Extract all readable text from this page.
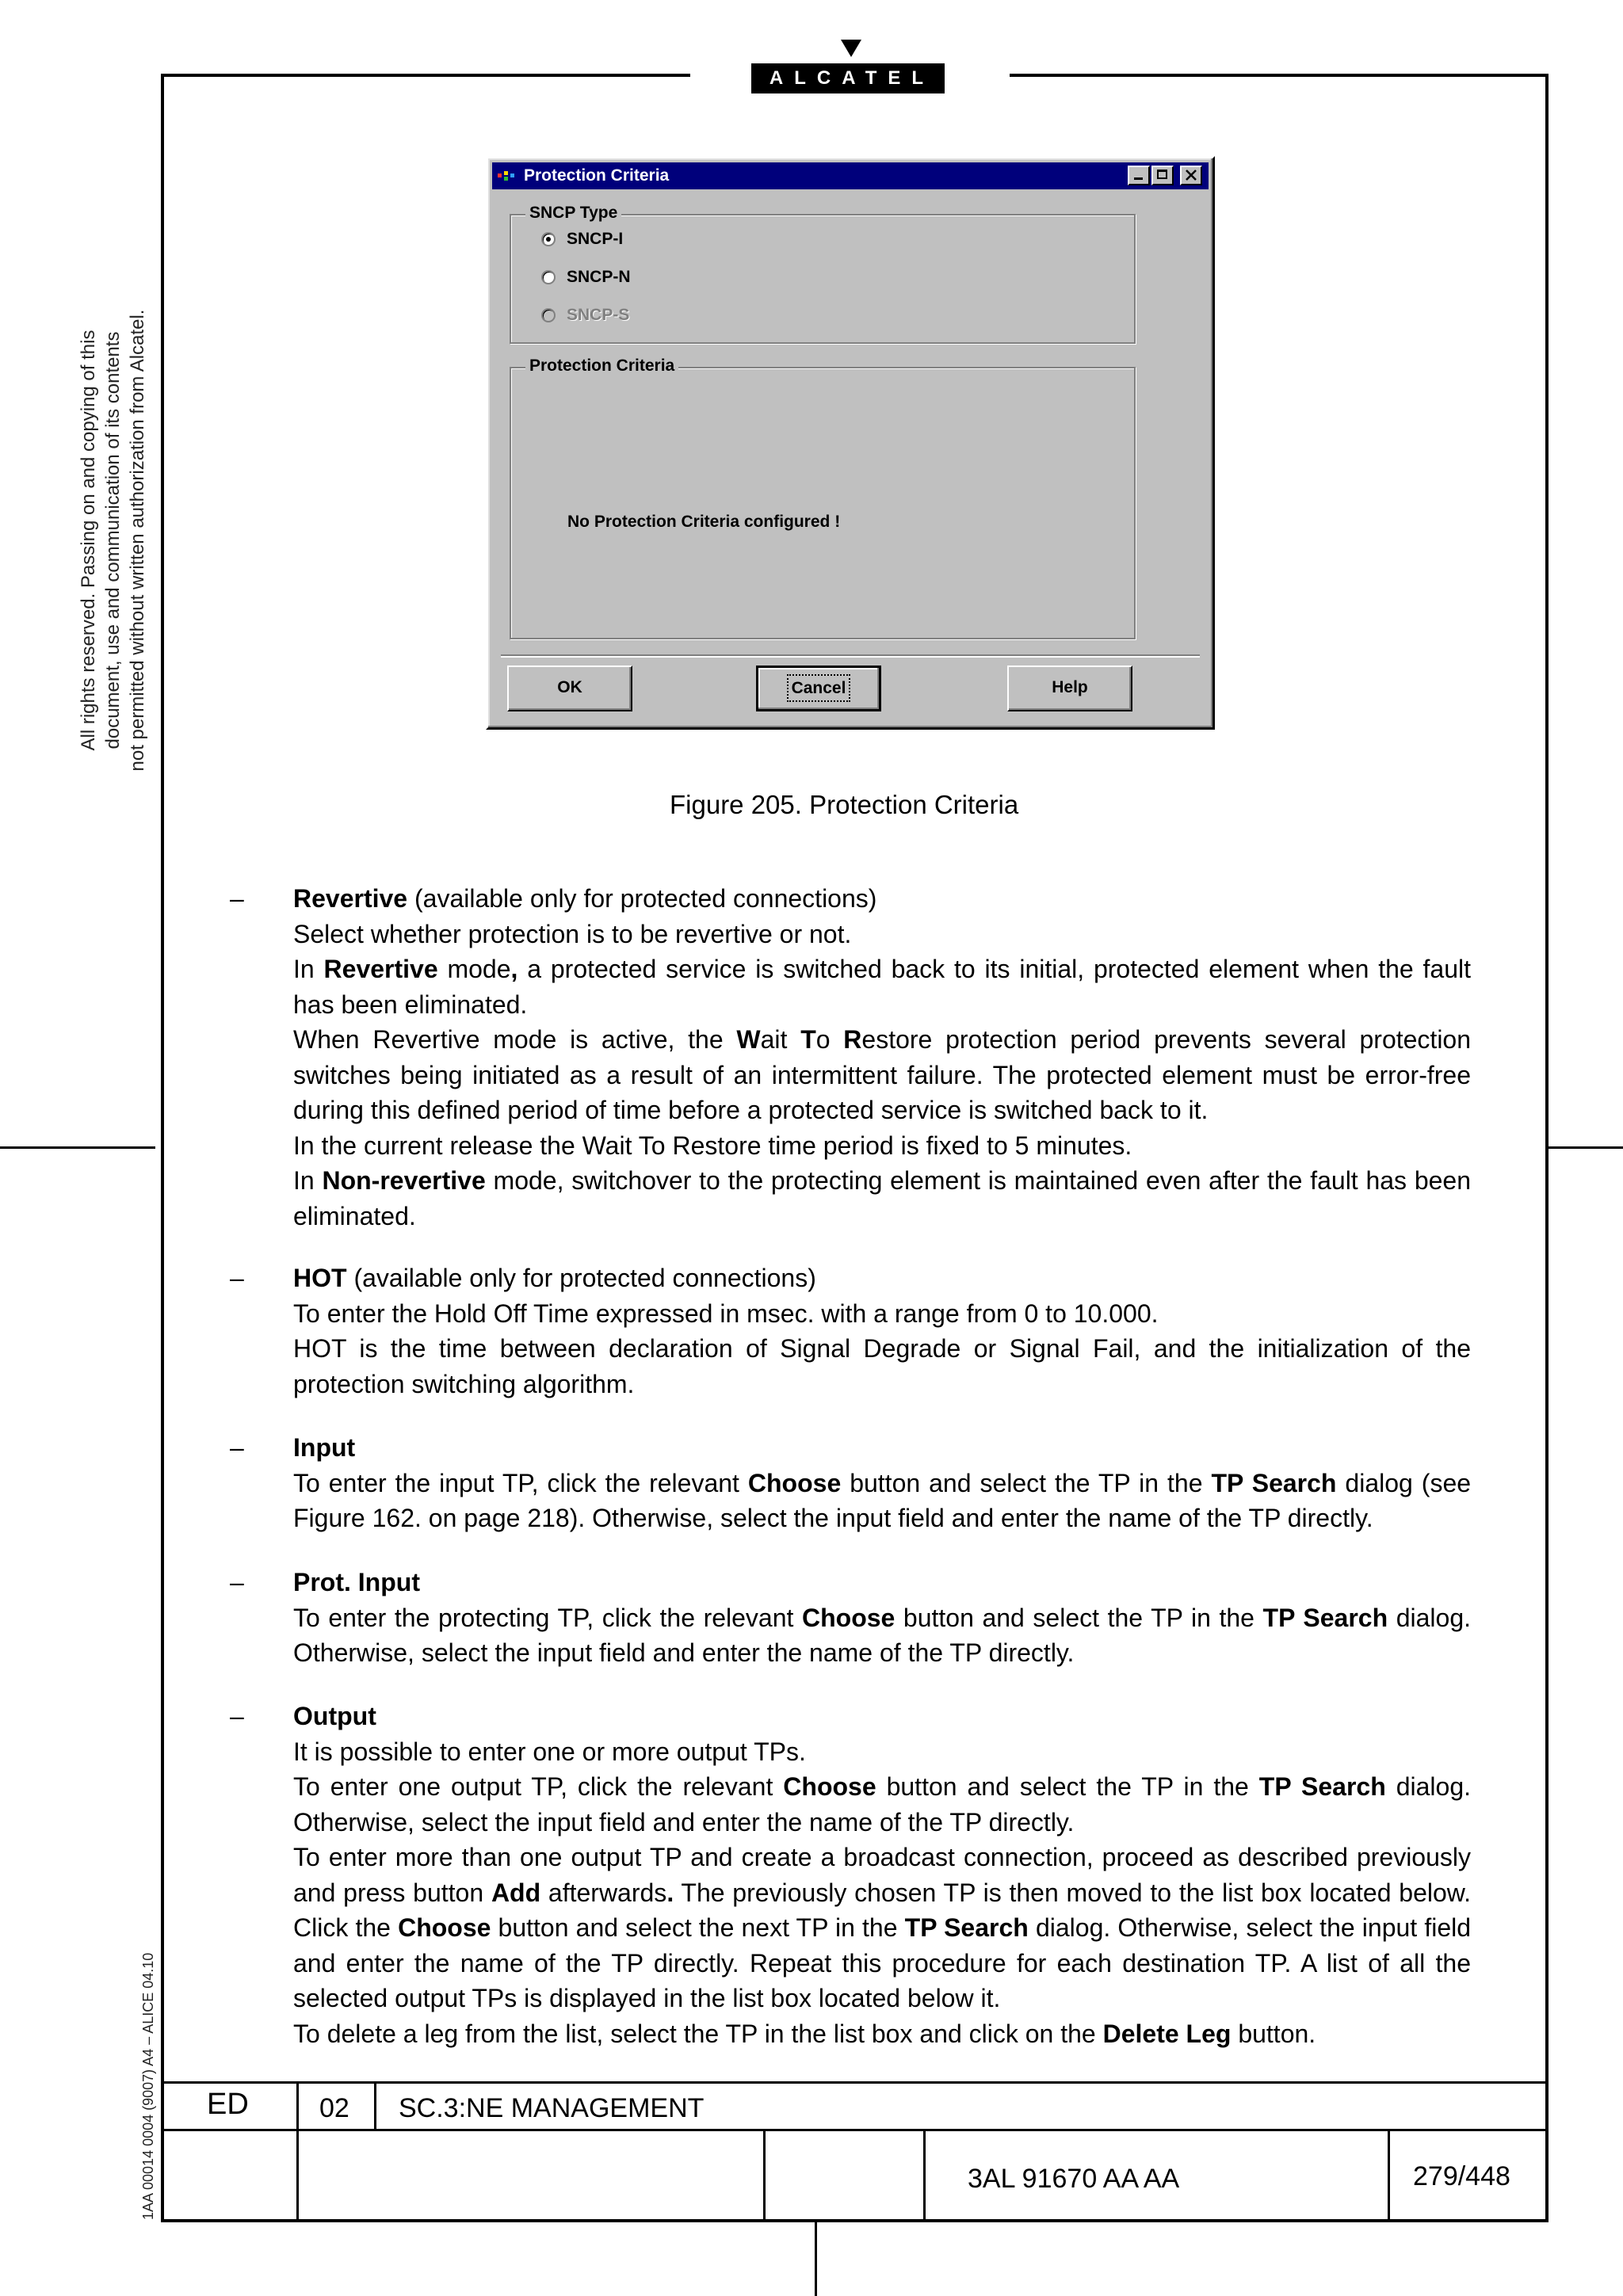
ALCATEL
All rights reserved. Passing on and copying of this document, use and communication of its contents not permitted without written authorization from Alcatel.
1AA 00014 0004 (9007) A4 – ALICE 04.10
Protection Criteria
SNCP Type
SNCP-I
SNCP-N
SNCP-S
Protection Criteria
No Protection Criteria configured !
OK	Cancel	Help
Figure 205. Protection Criteria
– Revertive (available only for protected connections)

Select whether protection is to be revertive or not.

In Revertive mode, a protected service is switched back to its initial, protected element when the fault has been eliminated.

When Revertive mode is active, the Wait To Restore protection period prevents several protection switches being initiated as a result of an intermittent failure. The protected element must be error-free during this defined period of time before a protected service is switched back to it.

In the current release the Wait To Restore time period is fixed to 5 minutes.

In Non-revertive mode, switchover to the protecting element is maintained even after the fault has been eliminated.

– HOT (available only for protected connections)

To enter the Hold Off Time expressed in msec. with a range from 0 to 10.000.

HOT is the time between declaration of Signal Degrade or Signal Fail, and the initialization of the protection switching algorithm.

– Input

To enter the input TP, click the relevant Choose button and select the TP in the TP Search dialog (see Figure 162. on page 218). Otherwise, select the input field and enter the name of the TP directly.

– Prot. Input

To enter the protecting TP, click the relevant Choose button and select the TP in the TP Search dialog. Otherwise, select the input field and enter the name of the TP directly.

– Output

It is possible to enter one or more output TPs.

To enter one output TP, click the relevant Choose button and select the TP in the TP Search dialog. Otherwise, select the input field and enter the name of the TP directly.

To enter more than one output TP and create a broadcast connection, proceed as described previously and press button Add afterwards. The previously chosen TP is then moved to the list box located below. Click the Choose button and select the next TP in the TP Search dialog. Otherwise, select the input field and enter the name of the TP directly. Repeat this procedure for each destination TP. A list of all the selected output TPs is displayed in the list box located below it.

To delete a leg from the list, select the TP in the list box and click on the Delete Leg button.

ED	02 SC.3:NE MANAGEMENT
3AL 91670 AA AA	279/448
